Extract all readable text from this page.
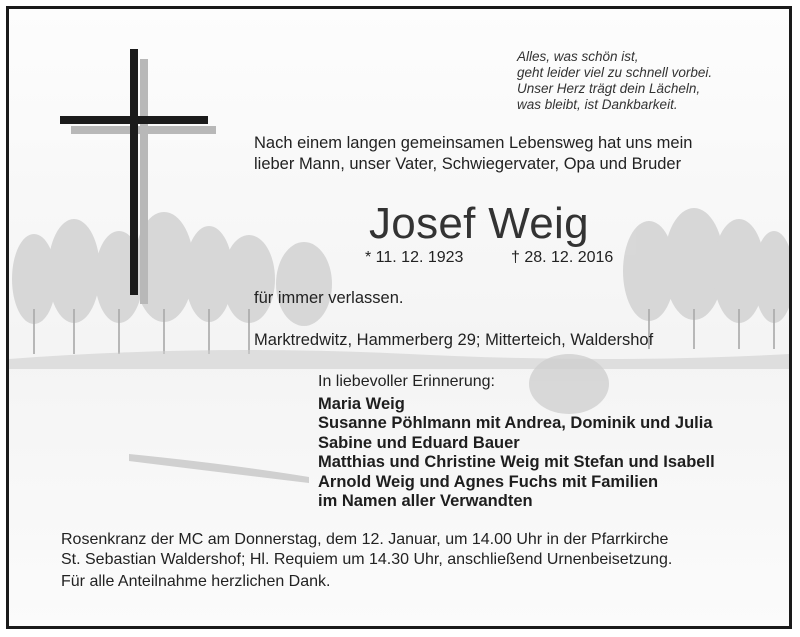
Alles, was schön ist,
geht leider viel zu schnell vorbei.
Unser Herz trägt dein Lächeln,
was bleibt, ist Dankbarkeit.
Nach einem langen gemeinsamen Lebensweg hat uns mein
lieber Mann, unser Vater, Schwiegervater, Opa und Bruder
Josef Weig
* 11. 12. 1923	† 28. 12. 2016
für immer verlassen.
Marktredwitz, Hammerberg 29; Mitterteich, Waldershof
In liebevoller Erinnerung:
Maria Weig
Susanne Pöhlmann mit Andrea, Dominik und Julia
Sabine und Eduard Bauer
Matthias und Christine Weig mit Stefan und Isabell
Arnold Weig und Agnes Fuchs mit Familien
im Namen aller Verwandten
Rosenkranz der MC am Donnerstag, dem 12. Januar, um 14.00 Uhr in der Pfarrkirche
St. Sebastian Waldershof; Hl. Requiem um 14.30 Uhr, anschließend Urnenbeisetzung.
Für alle Anteilnahme herzlichen Dank.
